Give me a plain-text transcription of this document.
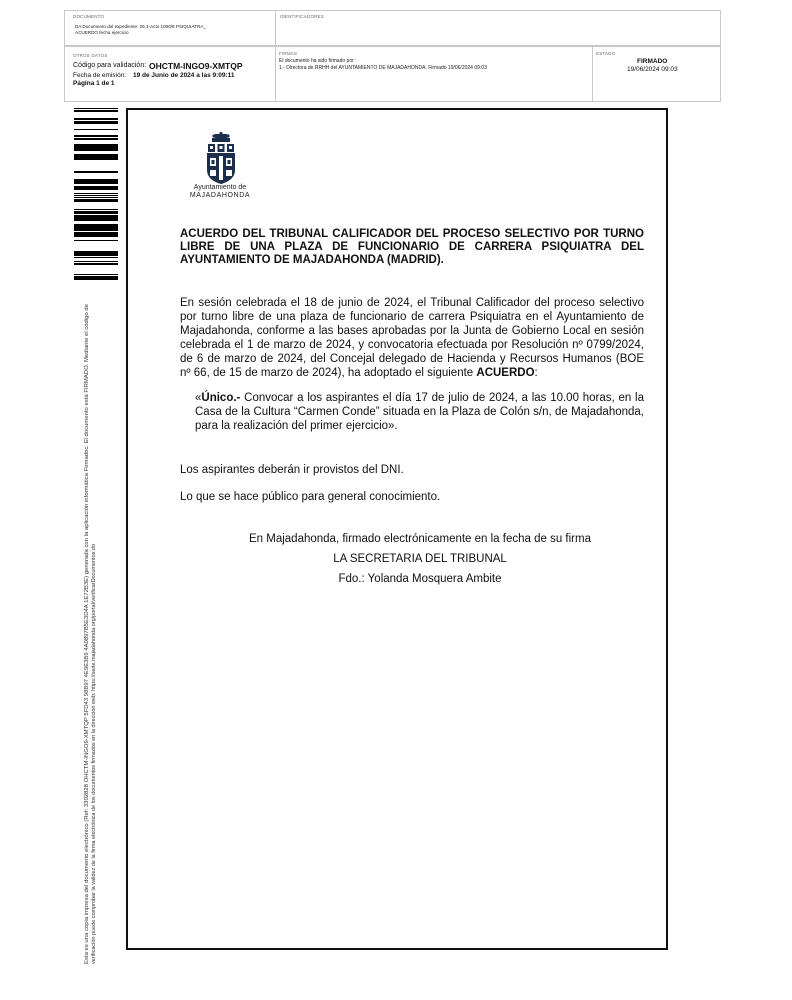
DOCUMENTO
DA Documento del expediente: 26.1-Acto 1000/8 PSIQUIATRA_
ACUERDO fecha ejercicio
IDENTIFICADORES
OTROS DATOS
Código para validación: OHCTM-INGO9-XMTQP
Fecha de emisión: 19 de Junio de 2024 a las 9:09:11
Página 1 de 1
FIRMAS
El documento ha sido firmado por :
1.- Directora de RRHH del AYUNTAMIENTO DE MAJADAHONDA. Firmado 19/06/2024 09:03
ESTADO
FIRMADO
19/06/2024 09:03
Esta es una copia impresa del documento electrónico (Ref: 3302828 OHCTM-INGO9-XMTQP 5FD43 98B97 4E9E3B9 4A0897B5E3D4A 1E72B3E) generada con la aplicación informática Firmadoc. El documento está FIRMADO. Mediante el código de verificación puede comprobar la validez de la firma electrónica de los documentos firmados en la dirección web: https://sede.majadahonda.org/portal/verificarDocumentos.do
Ayuntamiento de
MAJADAHONDA
ACUERDO DEL TRIBUNAL CALIFICADOR DEL PROCESO SELECTIVO POR TURNO LIBRE DE UNA PLAZA DE FUNCIONARIO DE CARRERA PSIQUIATRA DEL AYUNTAMIENTO DE MAJADAHONDA (MADRID).
En sesión celebrada el 18 de junio de 2024, el Tribunal Calificador del proceso selectivo por turno libre de una plaza de funcionario de carrera Psiquiatra en el Ayuntamiento de Majadahonda, conforme a las bases aprobadas por la Junta de Gobierno Local en sesión celebrada el 1 de marzo de 2024, y convocatoria efectuada por Resolución nº 0799/2024, de 6 de marzo de 2024, del Concejal delegado de Hacienda y Recursos Humanos (BOE nº 66, de 15 de marzo de 2024), ha adoptado el siguiente ACUERDO:
«Único.- Convocar a los aspirantes el día 17 de julio de 2024, a las 10.00 horas, en la Casa de la Cultura “Carmen Conde” situada en la Plaza de Colón s/n, de Majadahonda, para la realización del primer ejercicio».
Los aspirantes deberán ir provistos del DNI.
Lo que se hace público para general conocimiento.
En Majadahonda, firmado electrónicamente en la fecha de su firma
LA SECRETARIA DEL TRIBUNAL
Fdo.: Yolanda Mosquera Ambite
